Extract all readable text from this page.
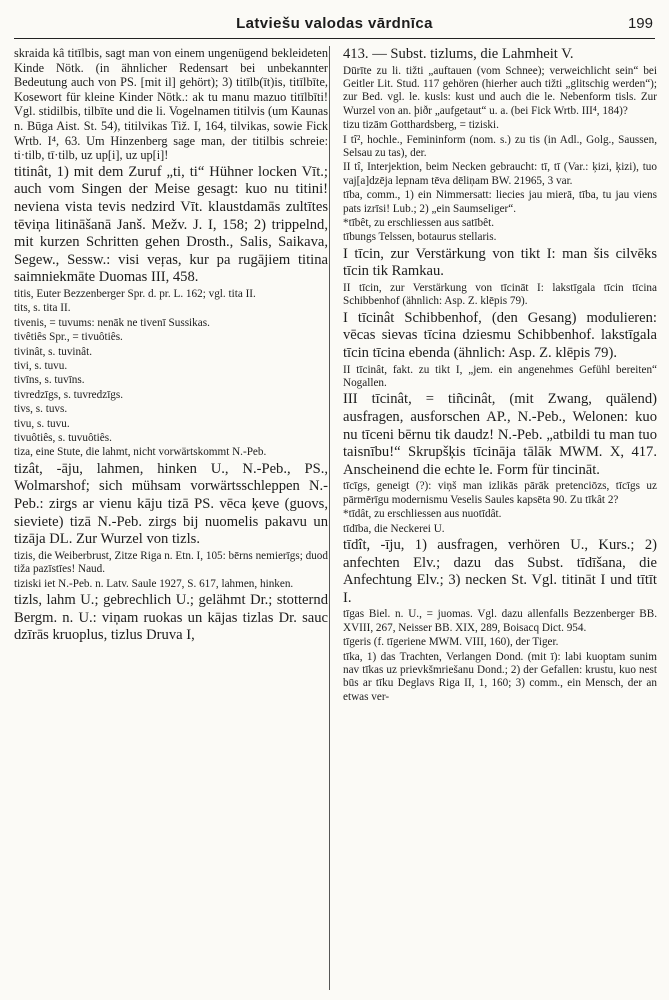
Latviešu valodas vārdnīca	199

skraida kâ titīlbis, sagt man von einem ungenügend bekleideten Kinde Nötk. (in ähnlicher Redensart bei unbekannter Bedeutung auch von PS. [mit il] gehört); 3) titīlb(īt)is, titīlbīte, Kosewort für kleine Kinder Nötk.: ak tu manu mazuo titīlbīti! Vgl. stidilbis, tilbīte und die li. Vogelnamen titilvis (um Kaunas n. Būga Aist. St. 54), titilvikas Tiž. I, 164, tilvikas, sowie Fick Wrtb. I⁴, 63. Um Hinzenberg sage man, der titilbis schreie: ti·tilb, tī·tilb, uz up[i], uz up[i]!

titinât, 1) mit dem Zuruf „ti, ti“ Hühner locken Vīt.; auch vom Singen der Meise gesagt: kuo nu titini! neviena vista tevis nedzird Vīt. klaustdamās zultītes tēviņa litināšanā Janš. Mežv. J. I, 158; 2) trippelnd, mit kurzen Schritten gehen Drosth., Salis, Saikava, Segew., Sessw.: visi veŗas, kur pa rugājiem titina saimniekmāte Duomas III, 458.

titis, Euter Bezzenberger Spr. d. pr. L. 162; vgl. tita II.

tits, s. tita II.

tivenis, = tuvums: nenāk ne tivenī Sussikas.

tivêtiês Spr., = tivuôtiês.

tivinât, s. tuvinât.

tivi, s. tuvu.

tivīns, s. tuvīns.

tivredzīgs, s. tuvredzīgs.

tivs, s. tuvs.

tivu, s. tuvu.

tivuôtiês, s. tuvuôtiês.

tiza, eine Stute, die lahmt, nicht vorwärtskommt N.-Peb.

tizât, -āju, lahmen, hinken U., N.-Peb., PS., Wolmarshof; sich mühsam vorwärtsschleppen N.-Peb.: zirgs ar vienu kāju tizā PS. vēca ķeve (guovs, sieviete) tizā N.-Peb. zirgs bij nuomelis pakavu un tizāja DL. Zur Wurzel von tizls.

tizis, die Weiberbrust, Zitze Riga n. Etn. I, 105: bērns nemierīgs; duod tiža pazīstīes! Naud.

tiziski iet N.-Peb. n. Latv. Saule 1927, S. 617, lahmen, hinken.

tizls, lahm U.; gebrechlich U.; gelähmt Dr.; stotternd Bergm. n. U.: viņam ruokas un kājas tizlas Dr. sauc dzīrās kruoplus, tizlus Druva I,

413. — Subst. tizlums, die Lahmheit V.

Dūrīte zu li. tižti „auftauen (vom Schnee); verweichlicht sein“ bei Geitler Lit. Stud. 117 gehören (hierher auch tižti „glitschig werden“); zur Bed. vgl. le. kusls: kust und auch die le. Nebenform tisls. Zur Wurzel von an. þiðr „aufgetaut“ u. a. (bei Fick Wrtb. III⁴, 184)?

tizu tizām Gotthardsberg, = tiziski.

I tî², hochle., Femininform (nom. s.) zu tis (in Adl., Golg., Saussen, Selsau zu tas), der.

II tî, Interjektion, beim Necken gebraucht: tī, tī (Var.: ķizi, ķizi), tuo vaj[a]dzēja lepnam tēva dēliņam BW. 21965, 3 var.

tība, comm., 1) ein Nimmersatt: liecies jau mierā, tība, tu jau viens pats izrīsi! Lub.; 2) „ein Saumseliger“.

*tībêt, zu erschliessen aus satībêt.

tībungs Telssen, botaurus stellaris.

I tīcin, zur Verstärkung von tikt I: man šis cilvēks tīcin tik Ramkau.

II tīcin, zur Verstärkung von tīcināt I: lakstīgala tīcin tīcina Schibbenhof (ähnlich: Asp. Z. klēpis 79).

I tīcinât Schibbenhof, (den Gesang) modulieren: vēcas sievas tīcina dziesmu Schibbenhof. lakstīgala tīcin tīcina ebenda (ähnlich: Asp. Z. klēpis 79).

II tīcinât, fakt. zu tikt I, „jem. ein angenehmes Gefühl bereiten“ Nogallen.

III tīcinât, = tiñcinât, (mit Zwang, quälend) ausfragen, ausforschen AP., N.-Peb., Welonen: kuo nu tīceni bērnu tik daudz! N.-Peb. „atbildi tu man tuo taisnību!“ Skrupšķis tīcināja tālāk MWM. X, 417. Anscheinend die echte le. Form für tincināt.

tīcīgs, geneigt (?): viņš man izlikās pārāk pretenciōzs, tīcīgs uz pārmērīgu modernismu Veselis Saules kapsēta 90. Zu tīkât 2?

*tīdât, zu erschliessen aus nuotīdât.

tīdība, die Neckerei U.

tīdît, -īju, 1) ausfragen, verhören U., Kurs.; 2) anfechten Elv.; dazu das Subst. tīdīšana, die Anfechtung Elv.; 3) necken St. Vgl. titināt I und tītīt I.

tīgas Biel. n. U., = juomas. Vgl. dazu allenfalls Bezzenberger BB. XVIII, 267, Neisser BB. XIX, 289, Boisacq Dict. 954.

tīgeris (f. tīgeriene MWM. VIII, 160), der Tiger.

tīka, 1) das Trachten, Verlangen Dond. (mit ī): labi kuoptam sunim nav tīkas uz prievkšmriešanu Dond.; 2) der Gefallen: krustu, kuo nest būs ar tīku Deglavs Riga II, 1, 160; 3) comm., ein Mensch, der an etwas ver-
